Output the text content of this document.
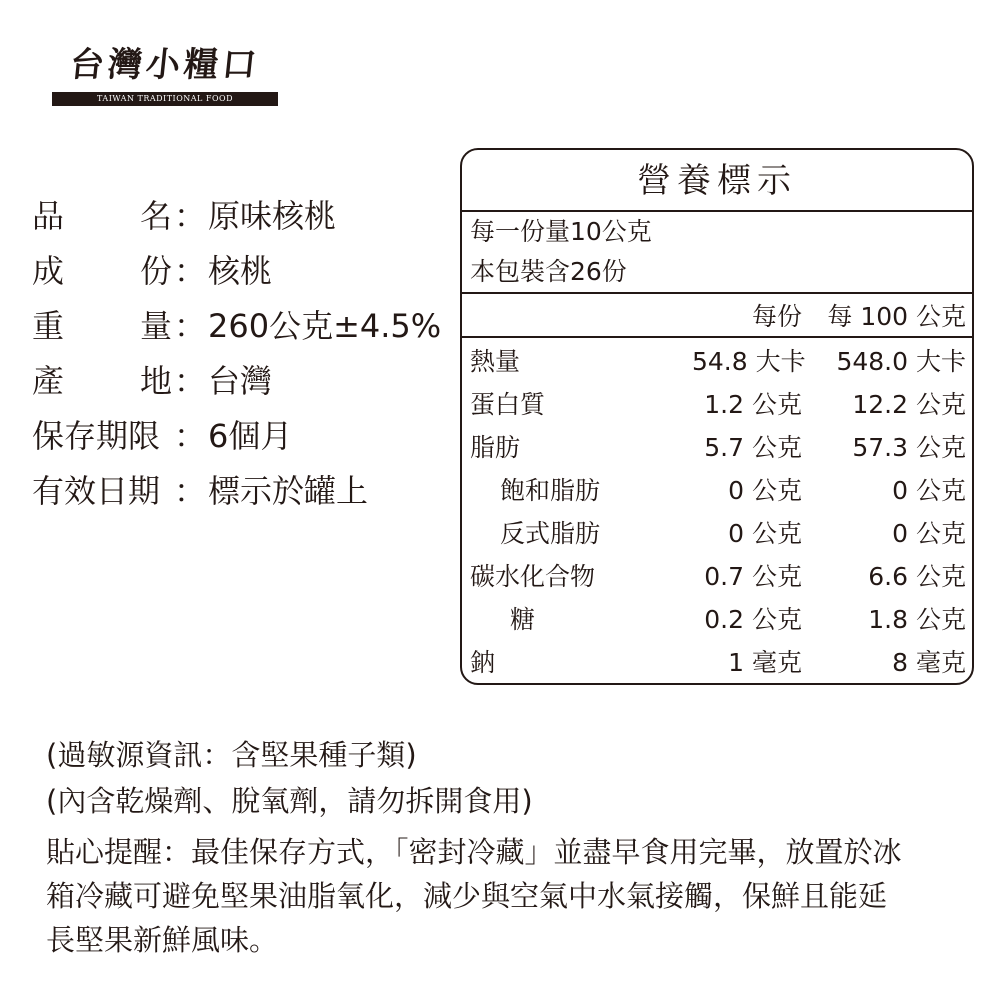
台灣小糧口
TAIWAN TRADITIONAL FOOD
品 名 ： 原味核桃
成 份 ： 核桃
重 量 ： 260公克±4.5%
產 地 ： 台灣
保存期限 ： 6個月
有效日期 ： 標示於罐上
營養標示
每一份量10公克
本包裝含26份
每份	每 100 公克
熱量	54.8 大卡	548.0 大卡
蛋白質	1.2 公克	12.2 公克
脂肪	5.7 公克	57.3 公克
飽和脂肪	0 公克	0 公克
反式脂肪	0 公克	0 公克
碳水化合物	0.7 公克	6.6 公克
糖	0.2 公克	1.8 公克
鈉	1 毫克	8 毫克
(過敏源資訊：含堅果種子類)
(內含乾燥劑、脫氧劑，請勿拆開食用)
貼心提醒：最佳保存方式，「密封冷藏」並盡早食用完畢，放置於冰箱冷藏可避免堅果油脂氧化，減少與空氣中水氣接觸，保鮮且能延長堅果新鮮風味。
